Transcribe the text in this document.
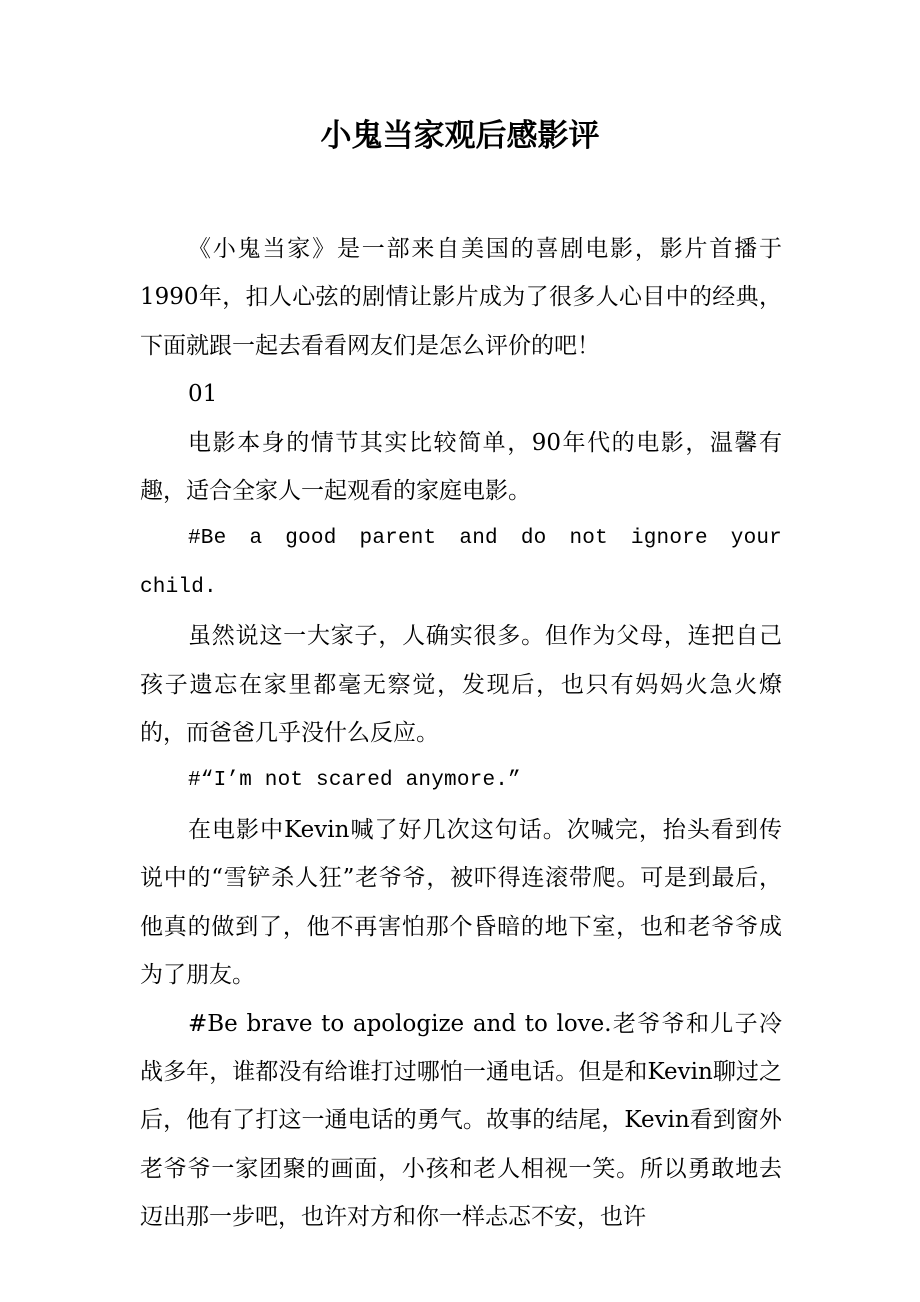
小鬼当家观后感影评

《小鬼当家》是一部来自美国的喜剧电影，影片首播于1990年，扣人心弦的剧情让影片成为了很多人心目中的经典，下面就跟一起去看看网友们是怎么评价的吧！

01

电影本身的情节其实比较简单，90年代的电影，温馨有趣，适合全家人一起观看的家庭电影。

#Be a good parent and do not ignore your child.

虽然说这一大家子，人确实很多。但作为父母，连把自己孩子遗忘在家里都毫无察觉，发现后，也只有妈妈火急火燎的，而爸爸几乎没什么反应。

#“I’m not scared anymore.”

在电影中Kevin喊了好几次这句话。次喊完，抬头看到传说中的“雪铲杀人狂”老爷爷，被吓得连滚带爬。可是到最后，他真的做到了，他不再害怕那个昏暗的地下室，也和老爷爷成为了朋友。

#Be brave to apologize and to love.老爷爷和儿子冷战多年，谁都没有给谁打过哪怕一通电话。但是和Kevin聊过之后，他有了打这一通电话的勇气。故事的结尾，Kevin看到窗外老爷爷一家团聚的画面，小孩和老人相视一笑。所以勇敢地去迈出那一步吧，也许对方和你一样忐忑不安，也许
